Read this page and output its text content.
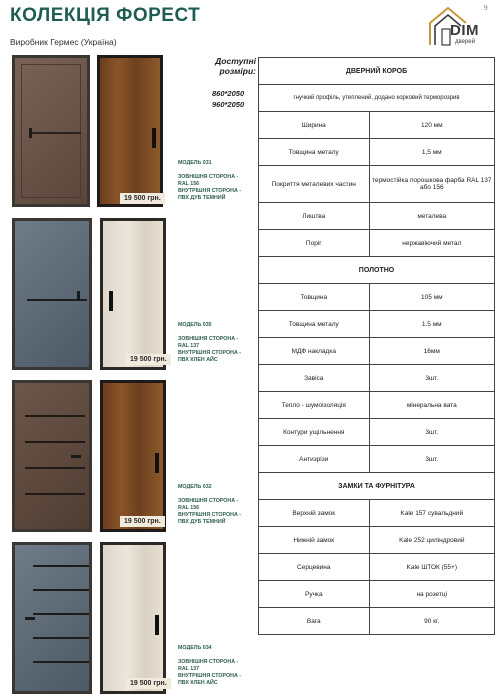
КОЛЕКЦІЯ ФОРЕСТ
Виробник Гермес (Україна)
9
DIM
дверей
Доступні
розміри:
860*2050
960*2050
19 500 грн.
МОДЕЛЬ 031

ЗОВНІШНЯ СТОРОНА -
RAL 156
ВНУТРІШНЯ СТОРОНА -
ПВХ ДУБ ТЕМНИЙ
19 500 грн.
МОДЕЛЬ 035

ЗОВНІШНЯ СТОРОНА -
RAL 137
ВНУТРІШНЯ СТОРОНА -
ПВХ КЛЕН АЙС
19 500 грн.
МОДЕЛЬ 032

ЗОВНІШНЯ СТОРОНА -
RAL 156
ВНУТРІШНЯ СТОРОНА -
ПВХ ДУБ ТЕМНИЙ
19 500 грн.
МОДЕЛЬ 034

ЗОВНІШНЯ СТОРОНА -
RAL 137
ВНУТРІШНЯ СТОРОНА -
ПВХ КЛЕН АЙС
ДВЕРНИЙ КОРОБ	
гнучкий профіль, утеплений, додано корковий терморозрив	
Ширина	120 мм
Товщина металу	1,5 мм
Покриття металевих частин	термостійка порошкова фарба RAL 137 або 156
Лиштва	металева
Поріг	нержавіючий метал
ПОЛОТНО	
Товщина	105 мм
Товщина металу	1.5 мм
МДФ накладка	16мм
Завіса	3шт.
Тепло - шумоізоляція	мінеральна вата
Контури ущільнення	3шт.
Антизрізи	3шт.
ЗАМКИ ТА ФУРНІТУРА	
Верхній замок	Kale 157 сувальдний
Нижній замок	Kale 252 циліндровий
Серцевина	Kale ШТОК (55+)
Ручка	на розетці
Вага	90 кг.
